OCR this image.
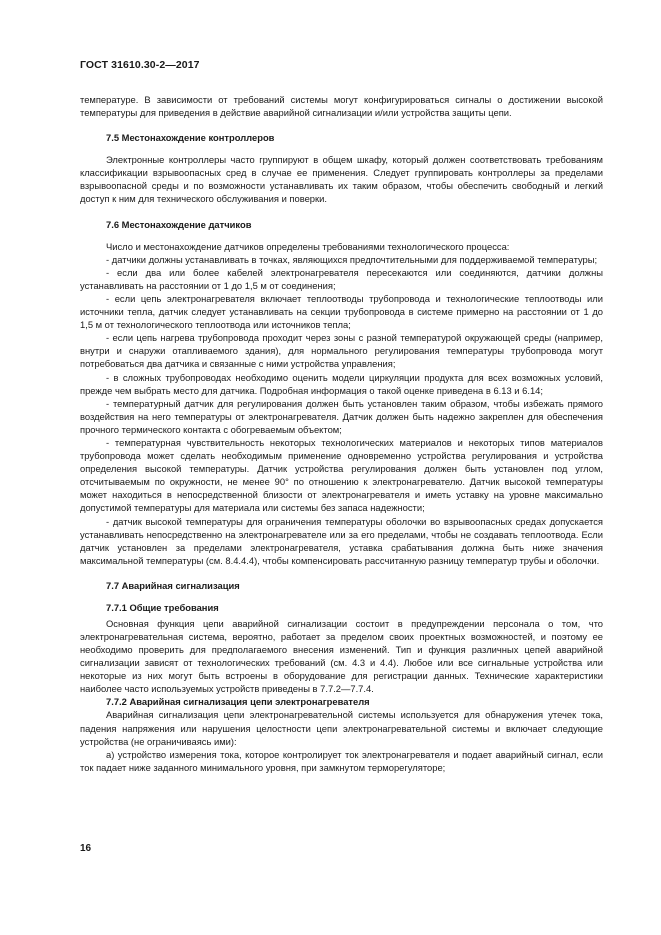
ГОСТ 31610.30-2—2017

температуре. В зависимости от требований системы могут конфигурироваться сигналы о достижении высокой температуры для приведения в действие аварийной сигнализации и/или устройства защиты цепи.

7.5 Местонахождение контроллеров

Электронные контроллеры часто группируют в общем шкафу, который должен соответствовать требованиям классификации взрывоопасных сред в случае ее применения. Следует группировать контроллеры за пределами взрывоопасной среды и по возможности устанавливать их таким образом, чтобы обеспечить свободный и легкий доступ к ним для технического обслуживания и поверки.

7.6 Местонахождение датчиков

Число и местонахождение датчиков определены требованиями технологического процесса:

- датчики должны устанавливать в точках, являющихся предпочтительными для поддерживаемой температуры;

- если два или более кабелей электронагревателя пересекаются или соединяются, датчики должны устанавливать на расстоянии от 1 до 1,5 м от соединения;

- если цепь электронагревателя включает теплоотводы трубопровода и технологические теплоотводы или источники тепла, датчик следует устанавливать на секции трубопровода в системе примерно на расстоянии от 1 до 1,5 м от технологического теплоотвода или источников тепла;

- если цепь нагрева трубопровода проходит через зоны с разной температурой окружающей среды (например, внутри и снаружи отапливаемого здания), для нормального регулирования температуры трубопровода могут потребоваться два датчика и связанные с ними устройства управления;

- в сложных трубопроводах необходимо оценить модели циркуляции продукта для всех возможных условий, прежде чем выбрать место для датчика. Подробная информация о такой оценке приведена в 6.13 и 6.14;

- температурный датчик для регулирования должен быть установлен таким образом, чтобы избежать прямого воздействия на него температуры от электронагревателя. Датчик должен быть надежно закреплен для обеспечения прочного термического контакта с обогреваемым объектом;

- температурная чувствительность некоторых технологических материалов и некоторых типов материалов трубопровода может сделать необходимым применение одновременно устройства регулирования и устройства определения высокой температуры. Датчик устройства регулирования должен быть установлен под углом, отсчитываемым по окружности, не менее 90° по отношению к электронагревателю. Датчик высокой температуры может находиться в непосредственной близости от электронагревателя и иметь уставку на уровне максимально допустимой температуры для материала или системы без запаса надежности;

- датчик высокой температуры для ограничения температуры оболочки во взрывоопасных средах допускается устанавливать непосредственно на электронагревателе или за его пределами, чтобы не создавать теплоотвода. Если датчик установлен за пределами электронагревателя, уставка срабатывания должна быть ниже значения максимальной температуры (см. 8.4.4.4), чтобы компенсировать рассчитанную разницу температур трубы и оболочки.

7.7 Аварийная сигнализация
7.7.1 Общие требования

Основная функция цепи аварийной сигнализации состоит в предупреждении персонала о том, что электронагревательная система, вероятно, работает за пределом своих проектных возможностей, и поэтому ее необходимо проверить для предполагаемого внесения изменений. Тип и функция различных цепей аварийной сигнализации зависят от технологических требований (см. 4.3 и 4.4). Любое или все сигнальные устройства или некоторые из них могут быть встроены в оборудование для регистрации данных. Технические характеристики наиболее часто используемых устройств приведены в 7.7.2—7.7.4.

7.7.2 Аварийная сигнализация цепи электронагревателя

Аварийная сигнализация цепи электронагревательной системы используется для обнаружения утечек тока, падения напряжения или нарушения целостности цепи электронагревательной системы и включает следующие устройства (не ограничиваясь ими):

а) устройство измерения тока, которое контролирует ток электронагревателя и подает аварийный сигнал, если ток падает ниже заданного минимального уровня, при замкнутом терморегуляторе;

16
